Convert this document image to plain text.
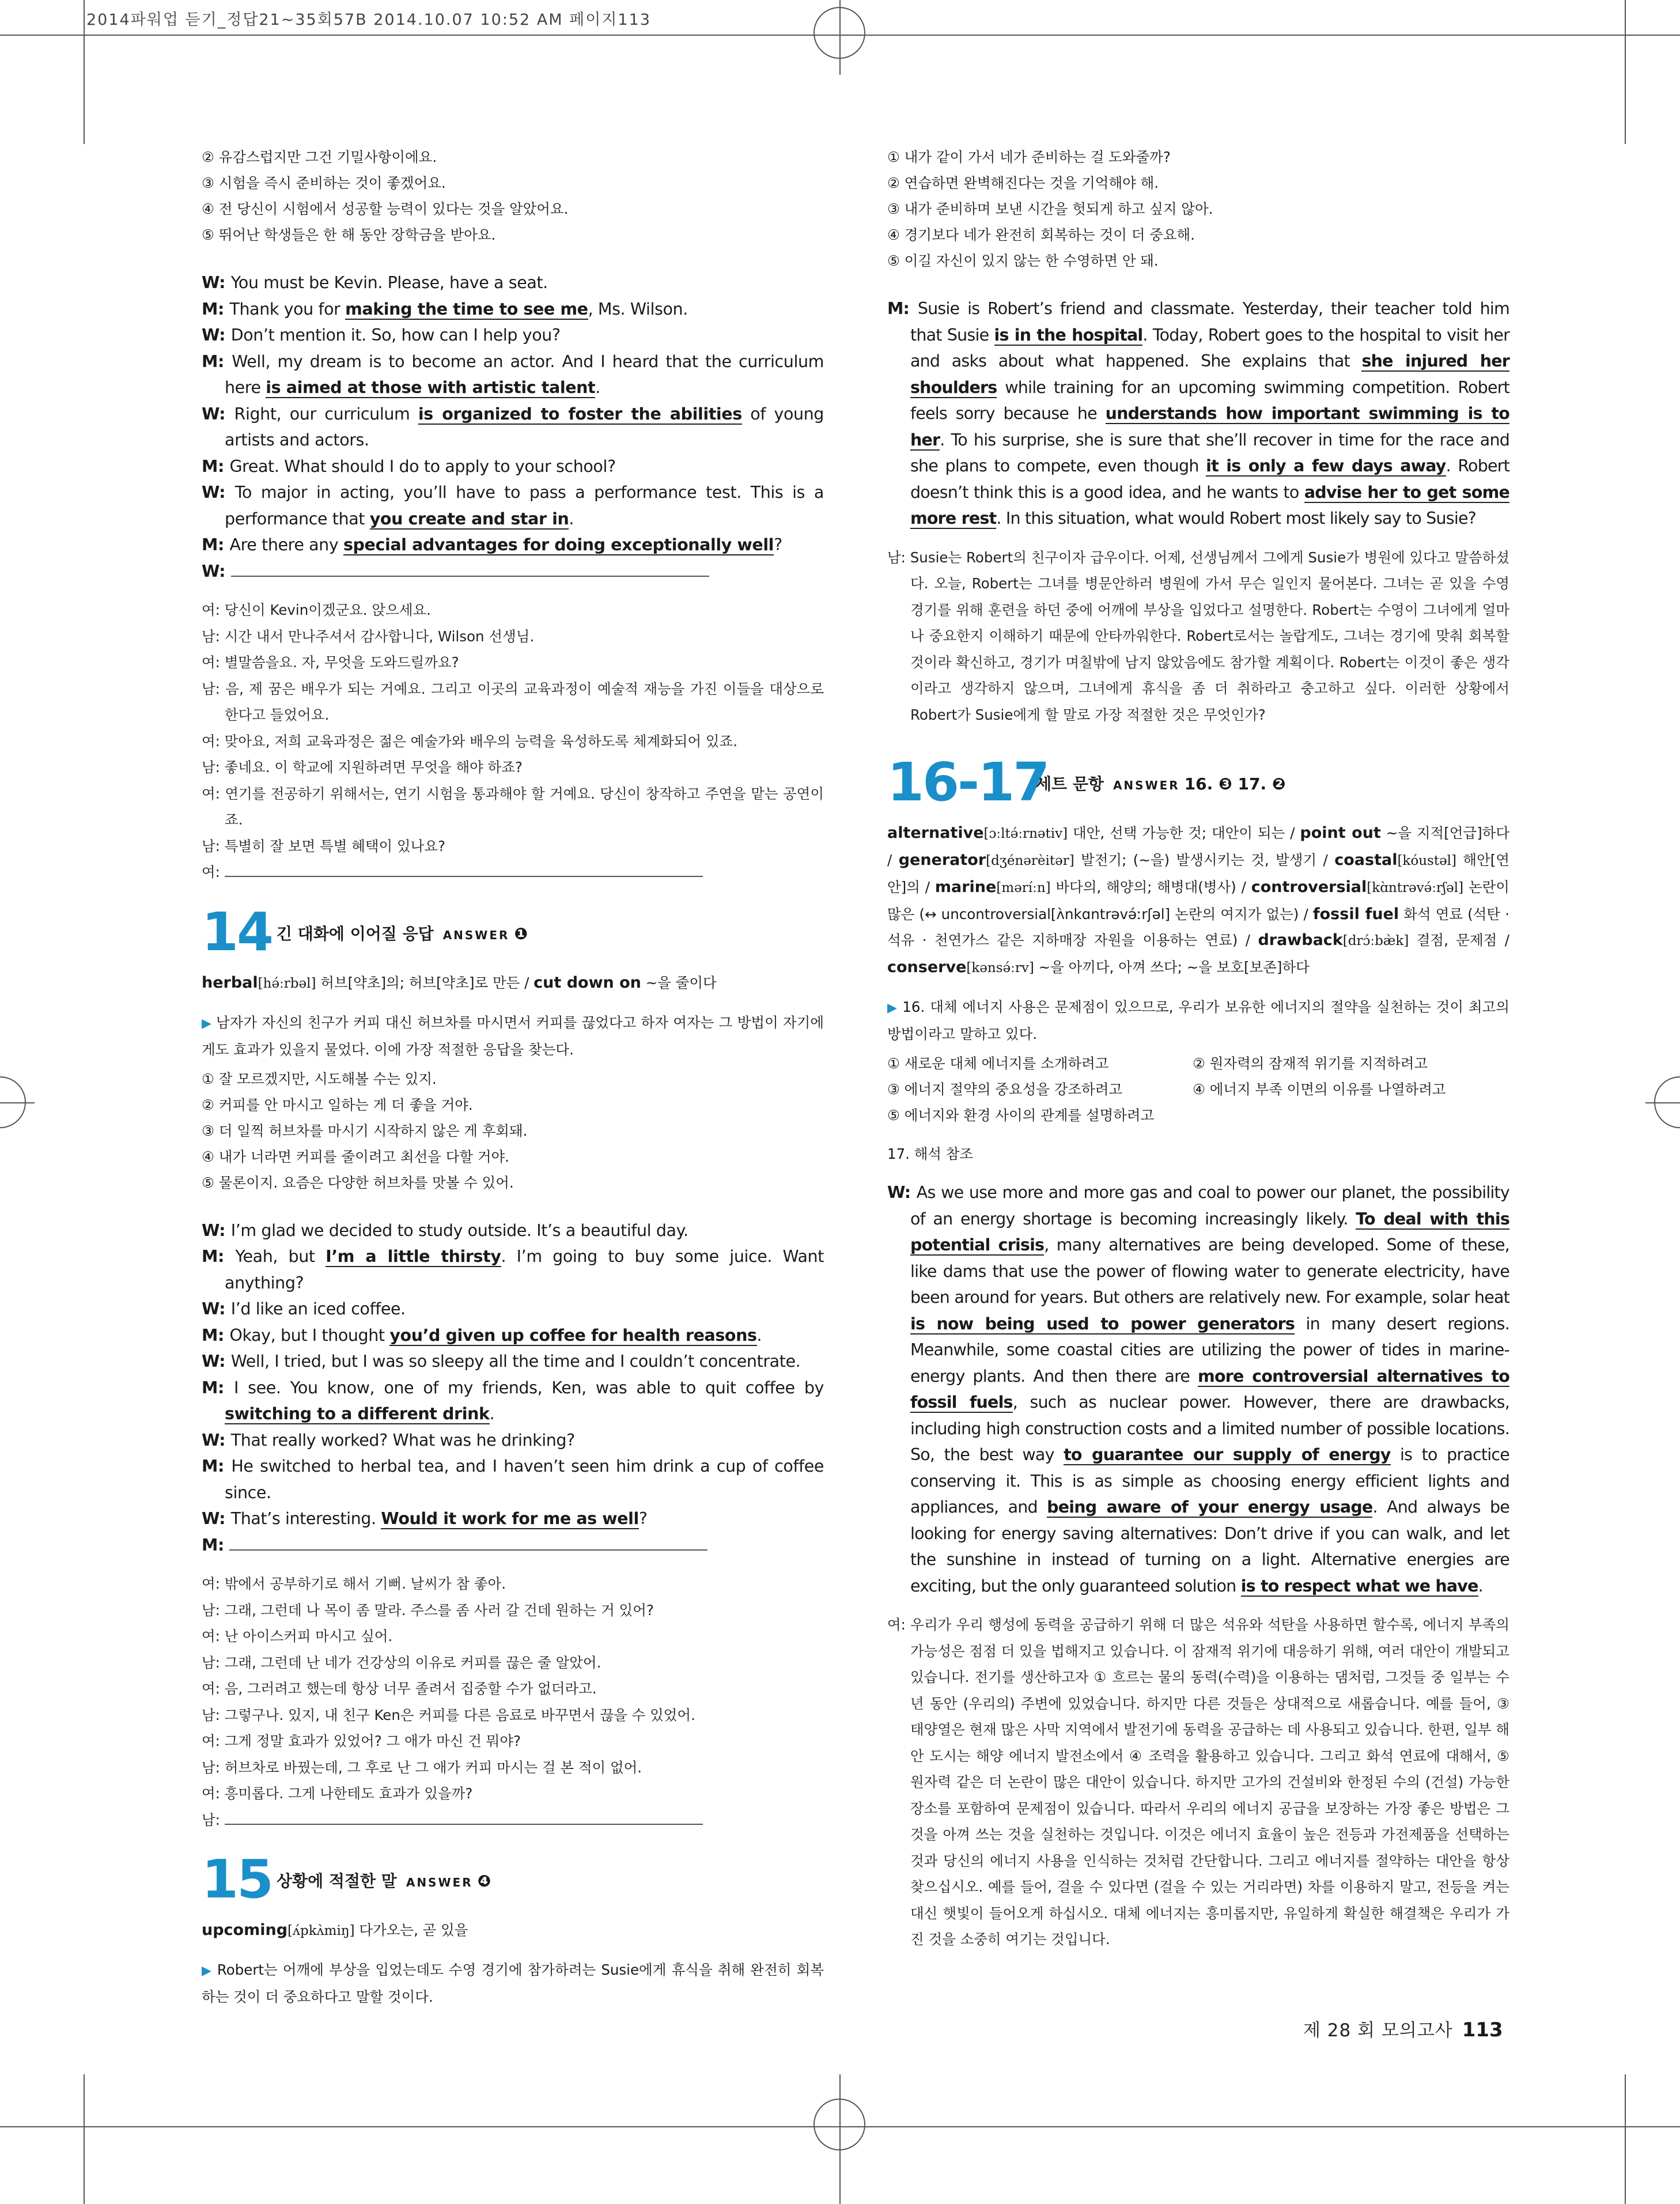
2014파워업 듣기_정답21~35회57B 2014.10.07 10:52 AM 페이지113
② 유감스럽지만 그건 기밀사항이에요.
③ 시험을 즉시 준비하는 것이 좋겠어요.
④ 전 당신이 시험에서 성공할 능력이 있다는 것을 알았어요.
⑤ 뛰어난 학생들은 한 해 동안 장학금을 받아요.
W: You must be Kevin. Please, have a seat.
M: Thank you for making the time to see me, Ms. Wilson.
W: Don’t mention it. So, how can I help you?
M: Well, my dream is to become an actor. And I heard that the curriculum here is aimed at those with artistic talent.
W: Right, our curriculum is organized to foster the abilities of young artists and actors.
M: Great. What should I do to apply to your school?
W: To major in acting, you’ll have to pass a performance test. This is a performance that you create and star in.
M: Are there any special advantages for doing exceptionally well?
W:
여: 당신이 Kevin이겠군요. 앉으세요.
남: 시간 내서 만나주셔서 감사합니다, Wilson 선생님.
여: 별말씀을요. 자, 무엇을 도와드릴까요?
남: 음, 제 꿈은 배우가 되는 거예요. 그리고 이곳의 교육과정이 예술적 재능을 가진 이들을 대상으로 한다고 들었어요.
여: 맞아요, 저희 교육과정은 젊은 예술가와 배우의 능력을 육성하도록 체계화되어 있죠.
남: 좋네요. 이 학교에 지원하려면 무엇을 해야 하죠?
여: 연기를 전공하기 위해서는, 연기 시험을 통과해야 할 거예요. 당신이 창작하고 주연을 맡는 공연이죠.
남: 특별히 잘 보면 특별 혜택이 있나요?
여:
14 긴 대화에 이어질 응답 ANSWER ❶
herbal[hə́ːrbəl] 허브[약초]의; 허브[약초]로 만든 / cut down on ~을 줄이다
▶ 남자가 자신의 친구가 커피 대신 허브차를 마시면서 커피를 끊었다고 하자 여자는 그 방법이 자기에게도 효과가 있을지 물었다. 이에 가장 적절한 응답을 찾는다.
① 잘 모르겠지만, 시도해볼 수는 있지.
② 커피를 안 마시고 일하는 게 더 좋을 거야.
③ 더 일찍 허브차를 마시기 시작하지 않은 게 후회돼.
④ 내가 너라면 커피를 줄이려고 최선을 다할 거야.
⑤ 물론이지. 요즘은 다양한 허브차를 맛볼 수 있어.
W: I’m glad we decided to study outside. It’s a beautiful day.
M: Yeah, but I’m a little thirsty. I’m going to buy some juice. Want anything?
W: I’d like an iced coffee.
M: Okay, but I thought you’d given up coffee for health reasons.
W: Well, I tried, but I was so sleepy all the time and I couldn’t concentrate.
M: I see. You know, one of my friends, Ken, was able to quit coffee by switching to a different drink.
W: That really worked? What was he drinking?
M: He switched to herbal tea, and I haven’t seen him drink a cup of coffee since.
W: That’s interesting. Would it work for me as well?
M:
여: 밖에서 공부하기로 해서 기뻐. 날씨가 참 좋아.
남: 그래, 그런데 나 목이 좀 말라. 주스를 좀 사러 갈 건데 원하는 거 있어?
여: 난 아이스커피 마시고 싶어.
남: 그래, 그런데 난 네가 건강상의 이유로 커피를 끊은 줄 알았어.
여: 음, 그러려고 했는데 항상 너무 졸려서 집중할 수가 없더라고.
남: 그렇구나. 있지, 내 친구 Ken은 커피를 다른 음료로 바꾸면서 끊을 수 있었어.
여: 그게 정말 효과가 있었어? 그 애가 마신 건 뭐야?
남: 허브차로 바꿨는데, 그 후로 난 그 애가 커피 마시는 걸 본 적이 없어.
여: 흥미롭다. 그게 나한테도 효과가 있을까?
남:
15 상황에 적절한 말 ANSWER ❹
upcoming[ʌ́pkʌ̀miŋ] 다가오는, 곧 있을
▶ Robert는 어깨에 부상을 입었는데도 수영 경기에 참가하려는 Susie에게 휴식을 취해 완전히 회복하는 것이 더 중요하다고 말할 것이다.
① 내가 같이 가서 네가 준비하는 걸 도와줄까?
② 연습하면 완벽해진다는 것을 기억해야 해.
③ 내가 준비하며 보낸 시간을 헛되게 하고 싶지 않아.
④ 경기보다 네가 완전히 회복하는 것이 더 중요해.
⑤ 이길 자신이 있지 않는 한 수영하면 안 돼.
M: Susie is Robert’s friend and classmate. Yesterday, their teacher told him that Susie is in the hospital. Today, Robert goes to the hospital to visit her and asks about what happened. She explains that she injured her shoulders while training for an upcoming swimming competition. Robert feels sorry because he understands how important swimming is to her. To his surprise, she is sure that she’ll recover in time for the race and she plans to compete, even though it is only a few days away. Robert doesn’t think this is a good idea, and he wants to advise her to get some more rest. In this situation, what would Robert most likely say to Susie?
남: Susie는 Robert의 친구이자 급우이다. 어제, 선생님께서 그에게 Susie가 병원에 있다고 말씀하셨다. 오늘, Robert는 그녀를 병문안하러 병원에 가서 무슨 일인지 물어본다. 그녀는 곧 있을 수영 경기를 위해 훈련을 하던 중에 어깨에 부상을 입었다고 설명한다. Robert는 수영이 그녀에게 얼마나 중요한지 이해하기 때문에 안타까워한다. Robert로서는 놀랍게도, 그녀는 경기에 맞춰 회복할 것이라 확신하고, 경기가 며칠밖에 남지 않았음에도 참가할 계획이다. Robert는 이것이 좋은 생각이라고 생각하지 않으며, 그녀에게 휴식을 좀 더 취하라고 충고하고 싶다. 이러한 상황에서 Robert가 Susie에게 할 말로 가장 적절한 것은 무엇인가?
16-17
세트 문항 ANSWER 16. ❸ 17. ❷
alternative[ɔːltə́ːrnətiv] 대안, 선택 가능한 것; 대안이 되는 / point out ~을 지적[언급]하다 / generator[dʒénərèitər] 발전기; (~을) 발생시키는 것, 발생기 / coastal[kóustəl] 해안[연안]의 / marine[məríːn] 바다의, 해양의; 해병대(병사) / controversial[kɑ̀ntrəvə́ːrʃəl] 논란이 많은 (↔ uncontroversial[ʌ̀nkɑntrəvə́ːrʃəl] 논란의 여지가 없는) / fossil fuel 화석 연료 (석탄 · 석유 · 천연가스 같은 지하매장 자원을 이용하는 연료) / drawback[drɔ́ːbæ̀k] 결점, 문제점 / conserve[kənsə́ːrv] ~을 아끼다, 아껴 쓰다; ~을 보호[보존]하다
▶ 16. 대체 에너지 사용은 문제점이 있으므로, 우리가 보유한 에너지의 절약을 실천하는 것이 최고의 방법이라고 말하고 있다.
① 새로운 대체 에너지를 소개하려고	② 원자력의 잠재적 위기를 지적하려고
③ 에너지 절약의 중요성을 강조하려고	④ 에너지 부족 이면의 이유를 나열하려고
⑤ 에너지와 환경 사이의 관계를 설명하려고
17. 해석 참조
W: As we use more and more gas and coal to power our planet, the possibility of an energy shortage is becoming increasingly likely. To deal with this potential crisis, many alternatives are being developed. Some of these, like dams that use the power of flowing water to generate electricity, have been around for years. But others are relatively new. For example, solar heat is now being used to power generators in many desert regions. Meanwhile, some coastal cities are utilizing the power of tides in marine-energy plants. And then there are more controversial alternatives to fossil fuels, such as nuclear power. However, there are drawbacks, including high construction costs and a limited number of possible locations. So, the best way to guarantee our supply of energy is to practice conserving it. This is as simple as choosing energy efficient lights and appliances, and being aware of your energy usage. And always be looking for energy saving alternatives: Don’t drive if you can walk, and let the sunshine in instead of turning on a light. Alternative energies are exciting, but the only guaranteed solution is to respect what we have.
여: 우리가 우리 행성에 동력을 공급하기 위해 더 많은 석유와 석탄을 사용하면 할수록, 에너지 부족의 가능성은 점점 더 있을 법해지고 있습니다. 이 잠재적 위기에 대응하기 위해, 여러 대안이 개발되고 있습니다. 전기를 생산하고자 ① 흐르는 물의 동력(수력)을 이용하는 댐처럼, 그것들 중 일부는 수년 동안 (우리의) 주변에 있었습니다. 하지만 다른 것들은 상대적으로 새롭습니다. 예를 들어, ③ 태양열은 현재 많은 사막 지역에서 발전기에 동력을 공급하는 데 사용되고 있습니다. 한편, 일부 해안 도시는 해양 에너지 발전소에서 ④ 조력을 활용하고 있습니다. 그리고 화석 연료에 대해서, ⑤ 원자력 같은 더 논란이 많은 대안이 있습니다. 하지만 고가의 건설비와 한정된 수의 (건설) 가능한 장소를 포함하여 문제점이 있습니다. 따라서 우리의 에너지 공급을 보장하는 가장 좋은 방법은 그것을 아껴 쓰는 것을 실천하는 것입니다. 이것은 에너지 효율이 높은 전등과 가전제품을 선택하는 것과 당신의 에너지 사용을 인식하는 것처럼 간단합니다. 그리고 에너지를 절약하는 대안을 항상 찾으십시오. 예를 들어, 걸을 수 있다면 (걸을 수 있는 거리라면) 차를 이용하지 말고, 전등을 켜는 대신 햇빛이 들어오게 하십시오. 대체 에너지는 흥미롭지만, 유일하게 확실한 해결책은 우리가 가진 것을 소중히 여기는 것입니다.
제 28 회 모의고사 113
